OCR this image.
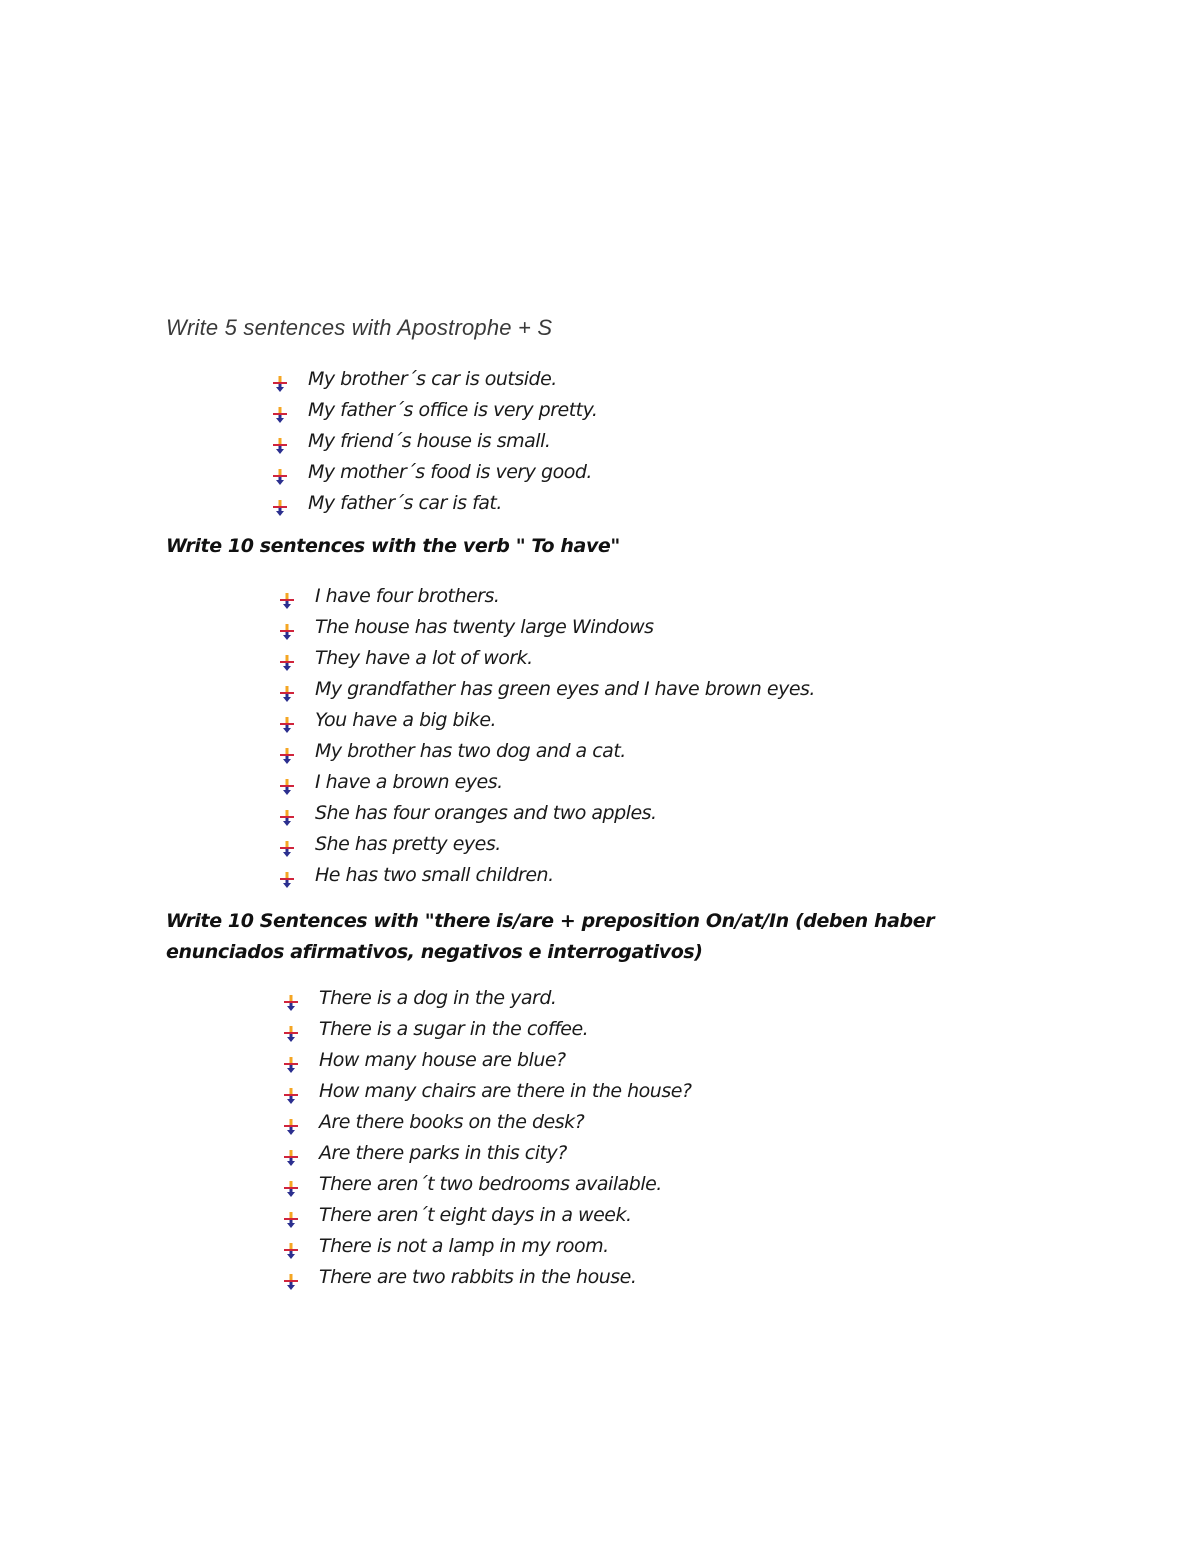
Write 5 sentences with Apostrophe + S
My brother´s car is outside.
My father´s office is very pretty.
My friend´s house is small.
My mother´s food is very good.
My father´s car is fat.
Write 10 sentences with the verb " To have"
I have four brothers.
The house has twenty large Windows
They have a lot of work.
My grandfather has green eyes and I have brown eyes.
You have a big bike.
My brother has two dog and a cat.
I have a brown eyes.
She has four oranges and two apples.
She has pretty eyes.
He has two small children.
Write 10 Sentences with "there is/are + preposition On/at/In (deben haber enunciados afirmativos, negativos e interrogativos)
There is a dog in the yard.
There is a sugar in the coffee.
How many house are blue?
How many chairs are there in the house?
Are there books on the desk?
Are there parks in this city?
There aren´t two bedrooms available.
There aren´t eight days in a week.
There is not a lamp in my room.
There are two rabbits in the house.
